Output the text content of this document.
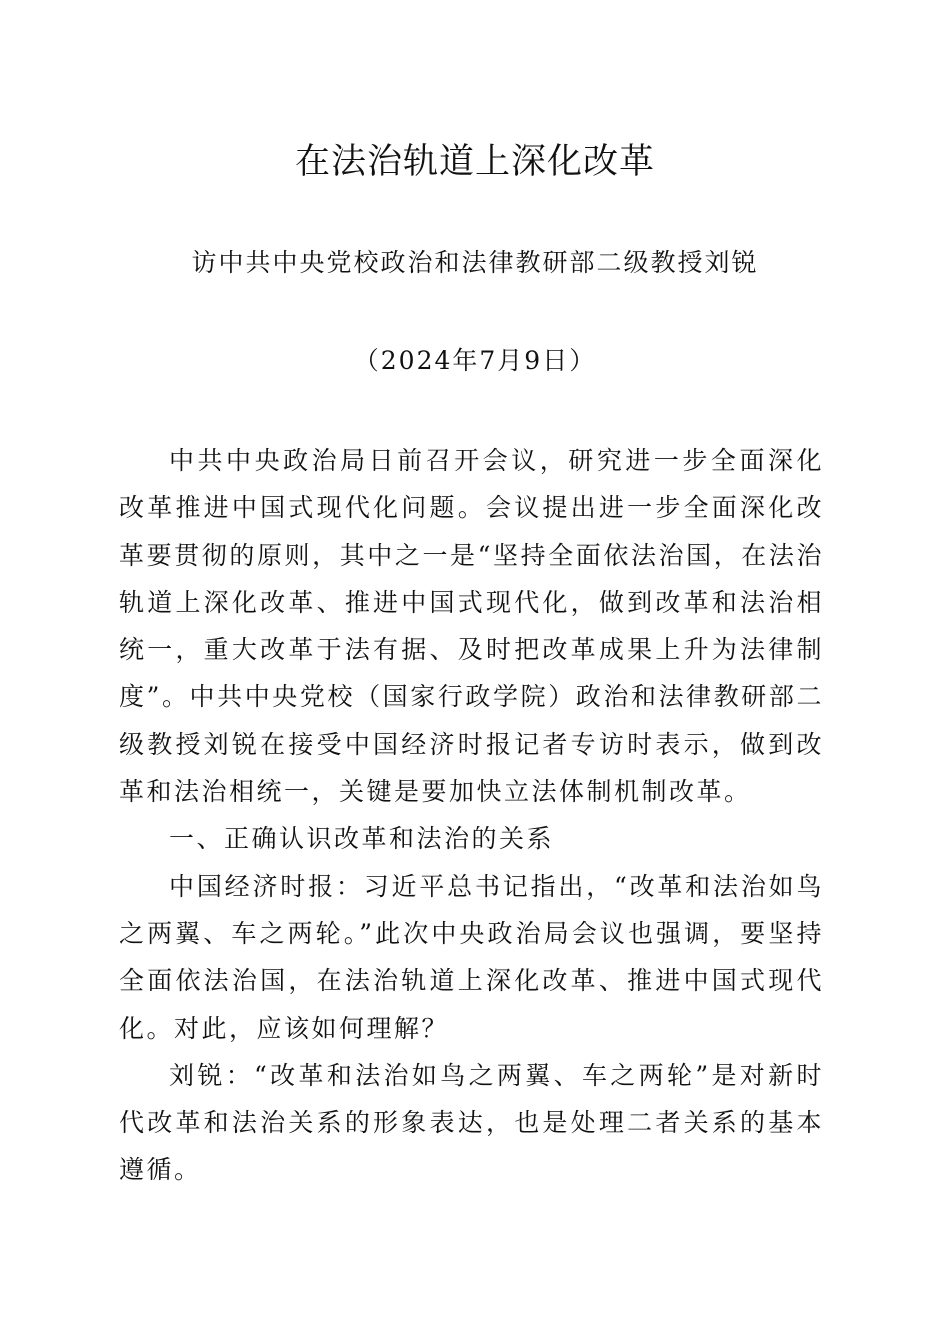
在法治轨道上深化改革
访中共中央党校政治和法律教研部二级教授刘锐
（2024年7月9日）

中共中央政治局日前召开会议，研究进一步全面深化改革推进中国式现代化问题。会议提出进一步全面深化改革要贯彻的原则，其中之一是“坚持全面依法治国，在法治轨道上深化改革、推进中国式现代化，做到改革和法治相统一，重大改革于法有据、及时把改革成果上升为法律制度”。中共中央党校（国家行政学院）政治和法律教研部二级教授刘锐在接受中国经济时报记者专访时表示，做到改革和法治相统一，关键是要加快立法体制机制改革。

一、正确认识改革和法治的关系

中国经济时报：习近平总书记指出，“改革和法治如鸟之两翼、车之两轮。”此次中央政治局会议也强调，要坚持全面依法治国，在法治轨道上深化改革、推进中国式现代化。对此，应该如何理解？

刘锐：“改革和法治如鸟之两翼、车之两轮”是对新时代改革和法治关系的形象表达，也是处理二者关系的基本遵循。
